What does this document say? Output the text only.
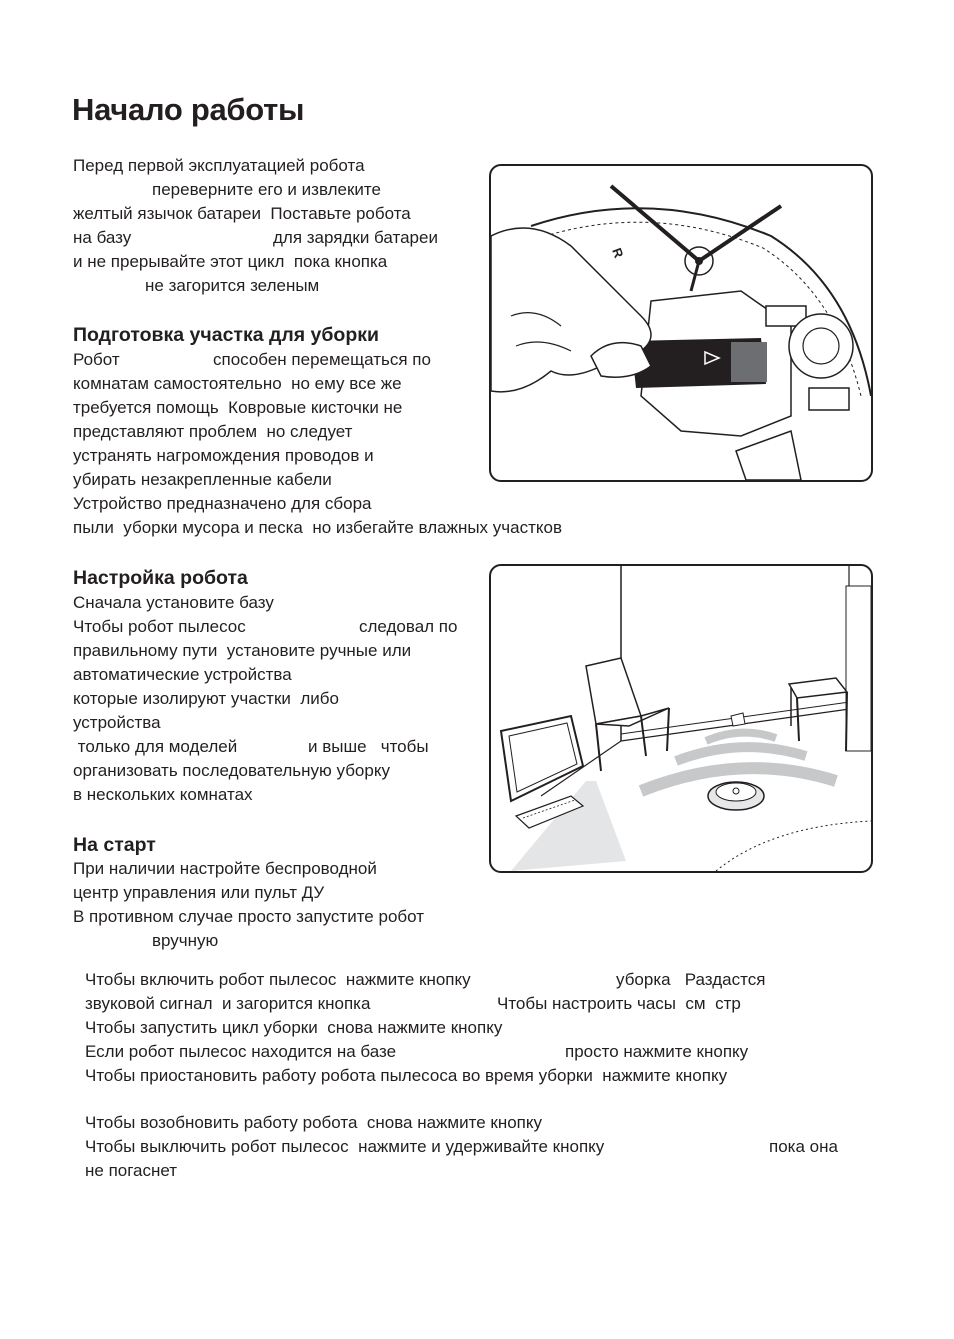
Начало работы
Перед первой эксплуатацией робота
переверните его и извлеките
желтый язычок батареи  Поставьте робота
на базу	для зарядки батареи
и не прерывайте этот цикл  пока кнопка
не загорится зеленым
Подготовка участка для уборки
Робот	способен перемещаться по
комнатам самостоятельно  но ему все же
требуется помощь  Ковровые кисточки не
представляют проблем  но следует
устранять нагромождения проводов и
убирать незакрепленные кабели
Устройство предназначено для сбора
пыли  уборки мусора и песка  но избегайте влажных участков
Настройка робота
Сначала установите базу
Чтобы робот пылесос	следовал по
правильному пути  установите ручные или
автоматические устройства
которые изолируют участки  либо
устройства
только для моделей	и выше   чтобы
организовать последовательную уборку
в нескольких комнатах
На старт
При наличии настройте беспроводной
центр управления или пульт ДУ
В противном случае просто запустите робот
вручную
Чтобы включить робот пылесос  нажмите кнопку	уборка   Раздастся
звуковой сигнал  и загорится кнопка	Чтобы настроить часы  см  стр
Чтобы запустить цикл уборки  снова нажмите кнопку
Если робот пылесос находится на базе	просто нажмите кнопку
Чтобы приостановить работу робота пылесоса во время уборки  нажмите кнопку
Чтобы возобновить работу робота  снова нажмите кнопку
Чтобы выключить робот пылесос  нажмите и удерживайте кнопку	пока она
не погаснет
R
